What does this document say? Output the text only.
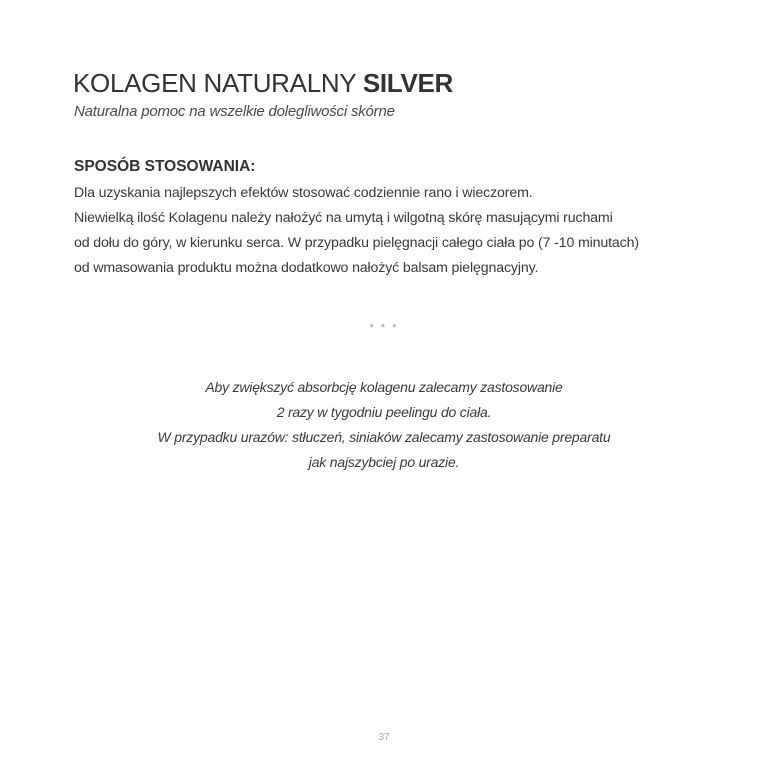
KOLAGEN NATURALNY SILVER
Naturalna pomoc na wszelkie dolegliwości skórne
SPOSÓB STOSOWANIA:
Dla uzyskania najlepszych efektów stosować codziennie rano i wieczorem.
Niewielką ilość Kolagenu należy nałożyć na umytą i wilgotną skórę masującymi ruchami
od dołu do góry, w kierunku serca. W przypadku pielęgnacji całego ciała po (7 -10 minutach)
od wmasowania produktu można dodatkowo nałożyć balsam pielęgnacyjny.
* * *
Aby zwiększyć absorbcję kolagenu zalecamy zastosowanie
2 razy w tygodniu peelingu do ciała.
W przypadku urazów: stłuczeń, siniaków zalecamy zastosowanie preparatu
jak najszybciej po urazie.
37
